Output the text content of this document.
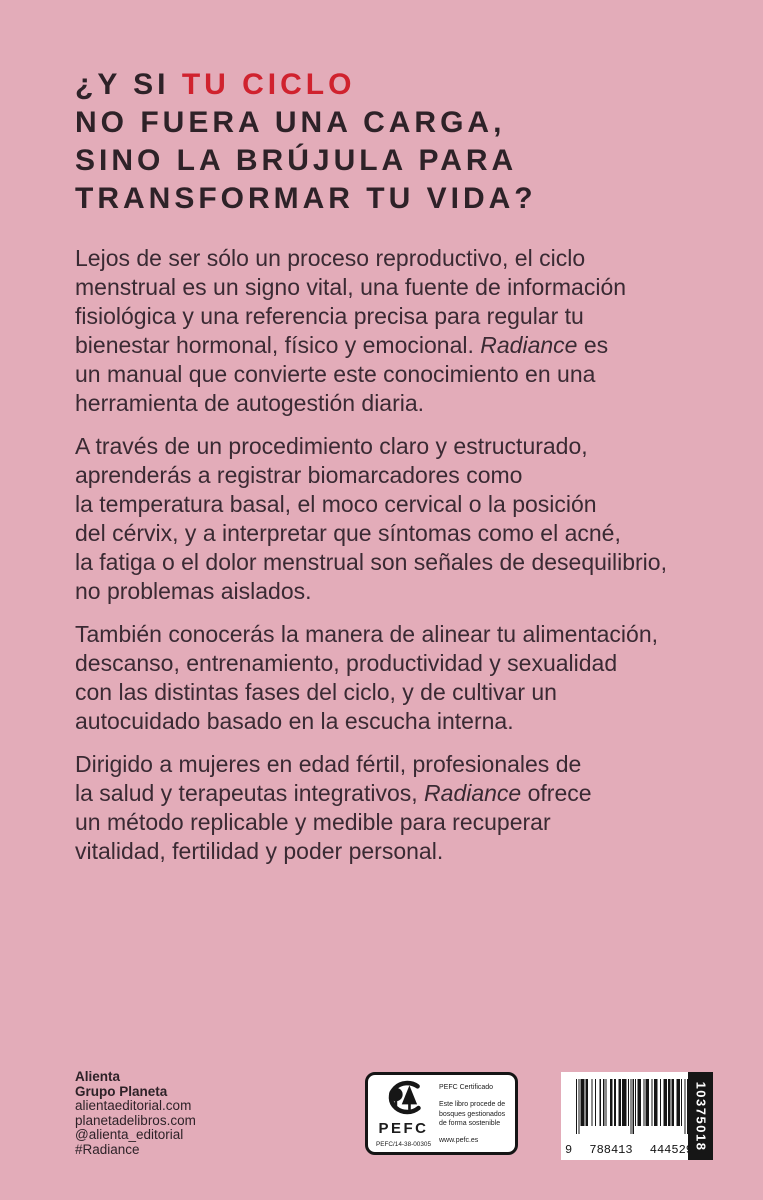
¿Y SI TU CICLO
NO FUERA UNA CARGA,
SINO LA BRÚJULA PARA
TRANSFORMAR TU VIDA?

Lejos de ser sólo un proceso reproductivo, el ciclo
menstrual es un signo vital, una fuente de información
fisiológica y una referencia precisa para regular tu
bienestar hormonal, físico y emocional. Radiance es
un manual que convierte este conocimiento en una
herramienta de autogestión diaria.

A través de un procedimiento claro y estructurado,
aprenderás a registrar biomarcadores como
la temperatura basal, el moco cervical o la posición
del cérvix, y a interpretar que síntomas como el acné,
la fatiga o el dolor menstrual son señales de desequilibrio,
no problemas aislados.

También conocerás la manera de alinear tu alimentación,
descanso, entrenamiento, productividad y sexualidad
con las distintas fases del ciclo, y de cultivar un
autocuidado basado en la escucha interna.

Dirigido a mujeres en edad fértil, profesionales de
la salud y terapeutas integrativos, Radiance ofrece
un método replicable y medible para recuperar
vitalidad, fertilidad y poder personal.

Alienta
Grupo Planeta
alientaeditorial.com
planetadelibros.com
@alienta_editorial
#Radiance
PEFC
PEFC/14-38-00305
PEFC Certificado
Este libro procede de bosques gestionados de forma sostenible
www.pefc.es
9 788413 444529 10375018
